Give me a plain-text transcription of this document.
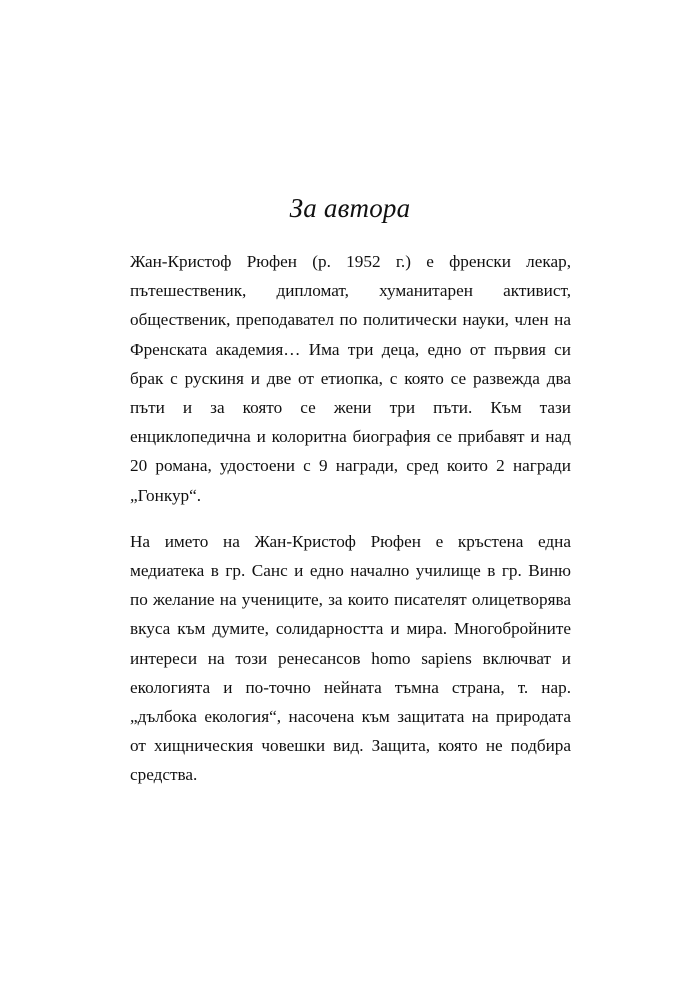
За автора

Жан-Кристоф Рюфен (р. 1952 г.) е френски лекар, пътешественик, дипломат, хуманитарен активист, общественик, преподавател по политически науки, член на Френската академия… Има три деца, едно от първия си брак с рускиня и две от етиопка, с която се развежда два пъти и за която се жени три пъти. Към тази енциклопедична и колоритна биография се прибавят и над 20 романа, удостоени с 9 награди, сред които 2 награди „Гонкур“.

На името на Жан-Кристоф Рюфен е кръстена една медиатека в гр. Санс и едно начално училище в гр. Виню по желание на учениците, за които писателят олицетворява вкуса към думите, солидарността и мира. Многобройните интереси на този ренесансов homo sapiens включват и екологията и по-точно нейната тъмна страна, т. нар. „дълбока екология“, насочена към защитата на природата от хищническия човешки вид. Защита, която не подбира средства.
